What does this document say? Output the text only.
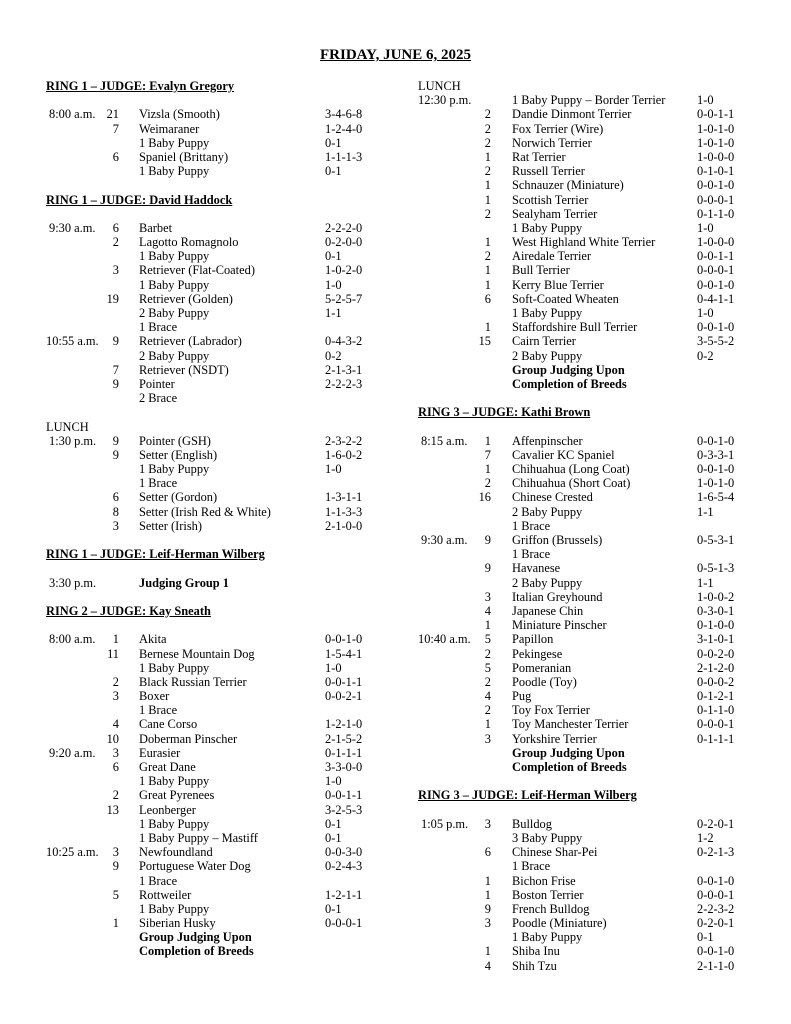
FRIDAY, JUNE 6, 2025
RING 1 – JUDGE: Evalyn Gregory
8:00 a.m. 21 Vizsla (Smooth)	3-4-6-8
7 Weimaraner	1-2-4-0
1 Baby Puppy	0-1
6 Spaniel (Brittany)	1-1-1-3
1 Baby Puppy	0-1
RING 1 – JUDGE: David Haddock
9:30 a.m.	6 Barbet	2-2-2-0
2 Lagotto Romagnolo	0-2-0-0
1 Baby Puppy	0-1
3 Retriever (Flat-Coated)	1-0-2-0
1 Baby Puppy	1-0
19 Retriever (Golden)	5-2-5-7
2 Baby Puppy	1-1
1 Brace
10:55 a.m.	9 Retriever (Labrador)	0-4-3-2
2 Baby Puppy	0-2
7 Retriever (NSDT)	2-1-3-1
9 Pointer	2-2-2-3
2 Brace
LUNCH
1:30 p.m.	9 Pointer (GSH)	2-3-2-2
9 Setter (English)	1-6-0-2
1 Baby Puppy	1-0
1 Brace
6 Setter (Gordon)	1-3-1-1
8 Setter (Irish Red & White)	1-1-3-3
3 Setter (Irish)	2-1-0-0
RING 1 – JUDGE: Leif-Herman Wilberg
3:30 p.m.	Judging Group 1
RING 2 – JUDGE: Kay Sneath
8:00 a.m.	1 Akita	0-0-1-0
11 Bernese Mountain Dog	1-5-4-1
1 Baby Puppy	1-0
2 Black Russian Terrier	0-0-1-1
3 Boxer	0-0-2-1
1 Brace
4 Cane Corso	1-2-1-0
10 Doberman Pinscher	2-1-5-2
9:20 a.m.	3 Eurasier	0-1-1-1
6 Great Dane	3-3-0-0
1 Baby Puppy	1-0
2 Great Pyrenees	0-0-1-1
13 Leonberger	3-2-5-3
1 Baby Puppy	0-1
1 Baby Puppy – Mastiff	0-1
10:25 a.m.	3 Newfoundland	0-0-3-0
9 Portuguese Water Dog	0-2-4-3
1 Brace
5 Rottweiler	1-2-1-1
1 Baby Puppy	0-1
1 Siberian Husky	0-0-0-1
Group Judging Upon
Completion of Breeds
LUNCH
12:30 p.m.	1 Baby Puppy – Border Terrier	1-0
2 Dandie Dinmont Terrier	0-0-1-1
2 Fox Terrier (Wire)	1-0-1-0
2 Norwich Terrier	1-0-1-0
1 Rat Terrier	1-0-0-0
2 Russell Terrier	0-1-0-1
1 Schnauzer (Miniature)	0-0-1-0
1 Scottish Terrier	0-0-0-1
2 Sealyham Terrier	0-1-1-0
1 Baby Puppy	1-0
1 West Highland White Terrier	1-0-0-0
2 Airedale Terrier	0-0-1-1
1 Bull Terrier	0-0-0-1
1 Kerry Blue Terrier	0-0-1-0
6 Soft-Coated Wheaten	0-4-1-1
1 Baby Puppy	1-0
1 Staffordshire Bull Terrier	0-0-1-0
15 Cairn Terrier	3-5-5-2
2 Baby Puppy	0-2
Group Judging Upon
Completion of Breeds
RING 3 – JUDGE: Kathi Brown
8:15 a.m.	1 Affenpinscher	0-0-1-0
7 Cavalier KC Spaniel	0-3-3-1
1 Chihuahua (Long Coat)	0-0-1-0
2 Chihuahua (Short Coat)	1-0-1-0
16 Chinese Crested	1-6-5-4
2 Baby Puppy	1-1
1 Brace
9:30 a.m.	9 Griffon (Brussels)	0-5-3-1
1 Brace
9 Havanese	0-5-1-3
2 Baby Puppy	1-1
3 Italian Greyhound	1-0-0-2
4 Japanese Chin	0-3-0-1
1 Miniature Pinscher	0-1-0-0
10:40 a.m.	5 Papillon	3-1-0-1
2 Pekingese	0-0-2-0
5 Pomeranian	2-1-2-0
2 Poodle (Toy)	0-0-0-2
4 Pug	0-1-2-1
2 Toy Fox Terrier	0-1-1-0
1 Toy Manchester Terrier	0-0-0-1
3 Yorkshire Terrier	0-1-1-1
Group Judging Upon
Completion of Breeds
RING 3 – JUDGE: Leif-Herman Wilberg
1:05 p.m.	3 Bulldog	0-2-0-1
3 Baby Puppy	1-2
6 Chinese Shar-Pei	0-2-1-3
1 Brace
1 Bichon Frise	0-0-1-0
1 Boston Terrier	0-0-0-1
9 French Bulldog	2-2-3-2
3 Poodle (Miniature)	0-2-0-1
1 Baby Puppy	0-1
1 Shiba Inu	0-0-1-0
4 Shih Tzu	2-1-1-0
